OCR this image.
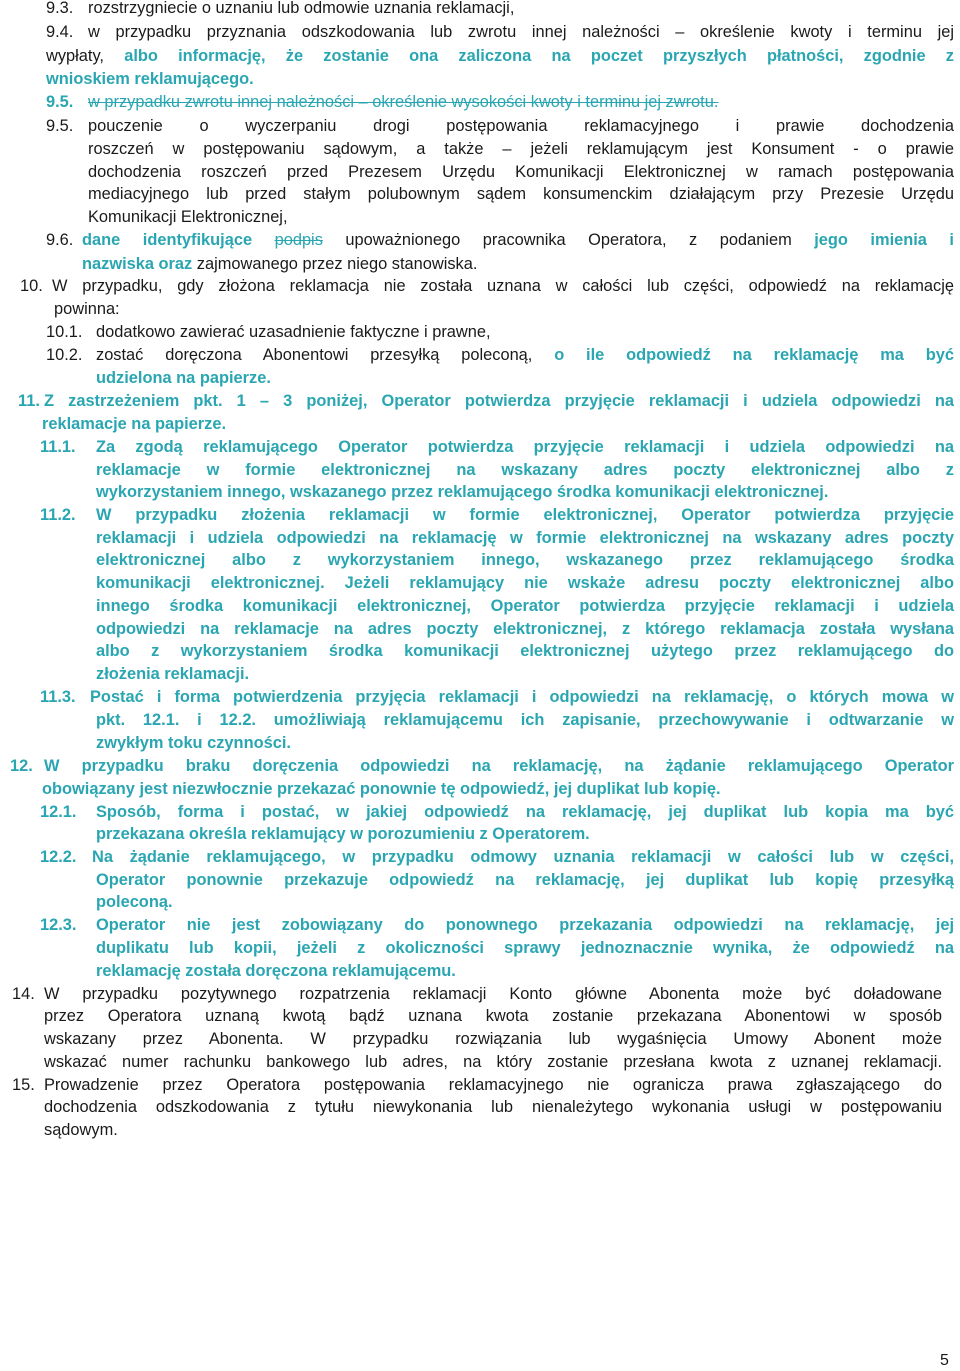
9.3. rozstrzygniecie o uznaniu lub odmowie uznania reklamacji,
9.4. w przypadku przyznania odszkodowania lub zwrotu innej należności – określenie kwoty i terminu jej
wypłaty, albo informację, że zostanie ona zaliczona na poczet przyszłych płatności, zgodnie z
wnioskiem reklamującego.
9.5. w przypadku zwrotu innej należności – określenie wysokości kwoty i terminu jej zwrotu.
9.5. pouczenie o wyczerpaniu drogi postępowania reklamacyjnego i prawie dochodzenia
roszczeń w postępowaniu sądowym, a także – jeżeli reklamującym jest Konsument - o prawie
dochodzenia roszczeń przed Prezesem Urzędu Komunikacji Elektronicznej w ramach postępowania
mediacyjnego lub przed stałym polubownym sądem konsumenckim działającym przy Prezesie Urzędu
Komunikacji Elektronicznej,
9.6. dane identyfikujące podpis upoważnionego pracownika Operatora, z podaniem jego imienia i
nazwiska oraz zajmowanego przez niego stanowiska.
10. W przypadku, gdy złożona reklamacja nie została uznana w całości lub części, odpowiedź na reklamację
powinna:
10.1. dodatkowo zawierać uzasadnienie faktyczne i prawne,
10.2. zostać doręczona Abonentowi przesyłką poleconą, o ile odpowiedź na reklamację ma być
udzielona na papierze.
11. Z zastrzeżeniem pkt. 1 – 3 poniżej, Operator potwierdza przyjęcie reklamacji i udziela odpowiedzi na
reklamacje na papierze.
11.1. Za zgodą reklamującego Operator potwierdza przyjęcie reklamacji i udziela odpowiedzi na
reklamacje w formie elektronicznej na wskazany adres poczty elektronicznej albo z
wykorzystaniem innego, wskazanego przez reklamującego środka komunikacji elektronicznej.
11.2. W przypadku złożenia reklamacji w formie elektronicznej, Operator potwierdza przyjęcie
reklamacji i udziela odpowiedzi na reklamację w formie elektronicznej na wskazany adres poczty
elektronicznej albo z wykorzystaniem innego, wskazanego przez reklamującego środka
komunikacji elektronicznej. Jeżeli reklamujący nie wskaże adresu poczty elektronicznej albo
innego środka komunikacji elektronicznej, Operator potwierdza przyjęcie reklamacji i udziela
odpowiedzi na reklamacje na adres poczty elektronicznej, z którego reklamacja została wysłana
albo z wykorzystaniem środka komunikacji elektronicznej użytego przez reklamującego do
złożenia reklamacji.
11.3. Postać i forma potwierdzenia przyjęcia reklamacji i odpowiedzi na reklamację, o których mowa w
pkt. 12.1. i 12.2. umożliwiają reklamującemu ich zapisanie, przechowywanie i odtwarzanie w
zwykłym toku czynności.
12. W przypadku braku doręczenia odpowiedzi na reklamację, na żądanie reklamującego Operator
obowiązany jest niezwłocznie przekazać ponownie tę odpowiedź, jej duplikat lub kopię.
12.1. Sposób, forma i postać, w jakiej odpowiedź na reklamację, jej duplikat lub kopia ma być
przekazana określa reklamujący w porozumieniu z Operatorem.
12.2. Na żądanie reklamującego, w przypadku odmowy uznania reklamacji w całości lub w części,
Operator ponownie przekazuje odpowiedź na reklamację, jej duplikat lub kopię przesyłką
poleconą.
12.3. Operator nie jest zobowiązany do ponownego przekazania odpowiedzi na reklamację, jej
duplikatu lub kopii, jeżeli z okoliczności sprawy jednoznacznie wynika, że odpowiedź na
reklamację została doręczona reklamującemu.
14. W przypadku pozytywnego rozpatrzenia reklamacji Konto główne Abonenta może być doładowane
przez Operatora uznaną kwotą bądź uznana kwota zostanie przekazana Abonentowi w sposób
wskazany przez Abonenta. W przypadku rozwiązania lub wygaśnięcia Umowy Abonent może
wskazać numer rachunku bankowego lub adres, na który zostanie przesłana kwota z uznanej reklamacji.
15. Prowadzenie przez Operatora postępowania reklamacyjnego nie ogranicza prawa zgłaszającego do
dochodzenia odszkodowania z tytułu niewykonania lub nienależytego wykonania usługi w postępowaniu
sądowym.
5
